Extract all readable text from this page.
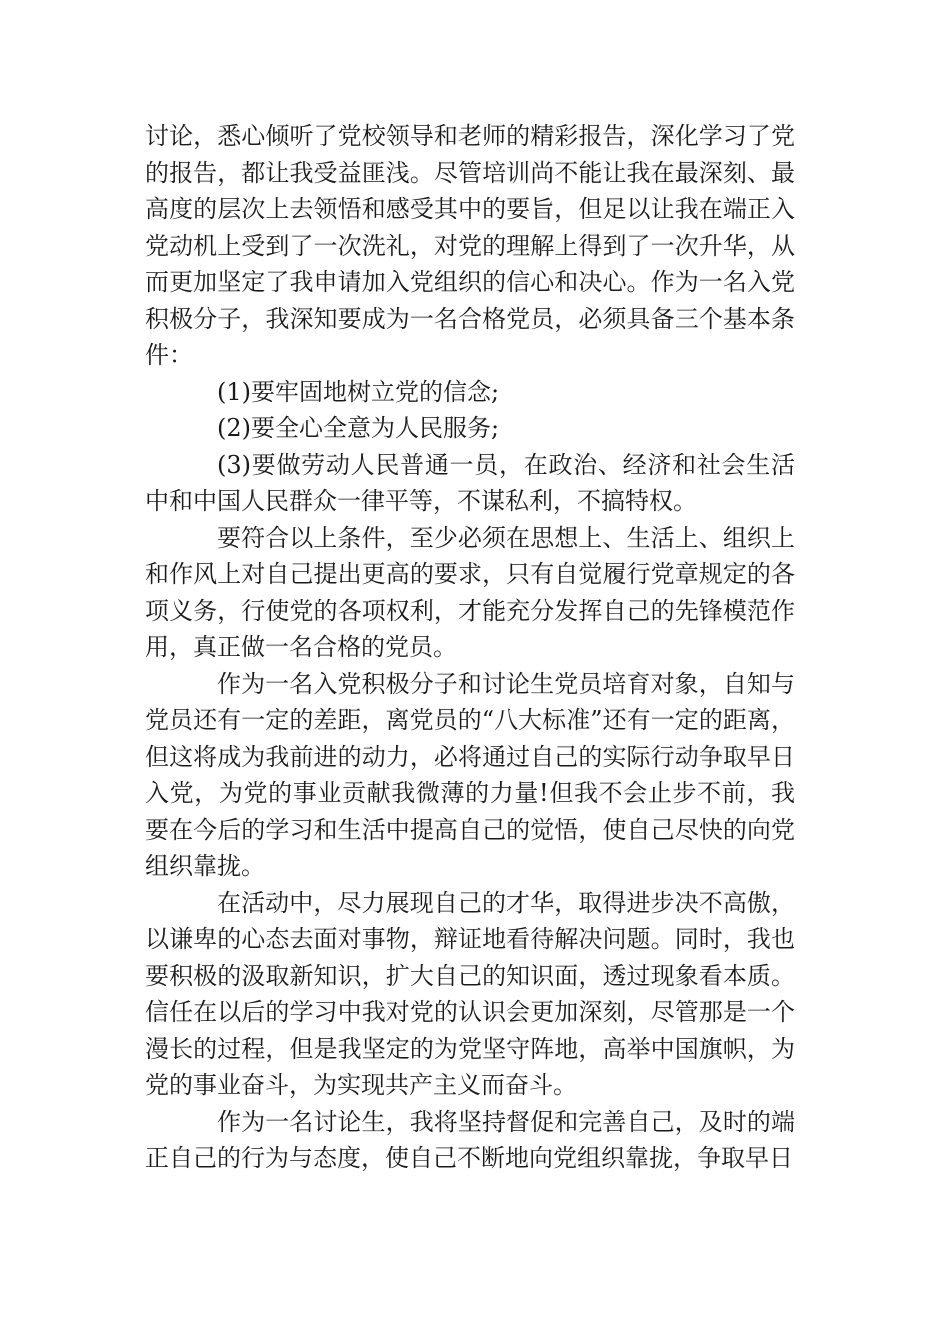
讨论，悉心倾听了党校领导和老师的精彩报告，深化学习了党的报告，都让我受益匪浅。尽管培训尚不能让我在最深刻、最高度的层次上去领悟和感受其中的要旨，但足以让我在端正入党动机上受到了一次洗礼，对党的理解上得到了一次升华，从而更加坚定了我申请加入党组织的信心和决心。作为一名入党积极分子，我深知要成为一名合格党员，必须具备三个基本条件：

(1)要牢固地树立党的信念;

(2)要全心全意为人民服务;

(3)要做劳动人民普通一员，在政治、经济和社会生活中和中国人民群众一律平等，不谋私利，不搞特权。

要符合以上条件，至少必须在思想上、生活上、组织上和作风上对自己提出更高的要求，只有自觉履行党章规定的各项义务，行使党的各项权利，才能充分发挥自己的先锋模范作用，真正做一名合格的党员。

作为一名入党积极分子和讨论生党员培育对象，自知与党员还有一定的差距，离党员的“八大标准”还有一定的距离，但这将成为我前进的动力，必将通过自己的实际行动争取早日入党，为党的事业贡献我微薄的力量!但我不会止步不前，我要在今后的学习和生活中提高自己的觉悟，使自己尽快的向党组织靠拢。

在活动中，尽力展现自己的才华，取得进步决不高傲，以谦卑的心态去面对事物，辩证地看待解决问题。同时，我也要积极的汲取新知识，扩大自己的知识面，透过现象看本质。信任在以后的学习中我对党的认识会更加深刻，尽管那是一个漫长的过程，但是我坚定的为党坚守阵地，高举中国旗帜，为党的事业奋斗，为实现共产主义而奋斗。

作为一名讨论生，我将坚持督促和完善自己，及时的端正自己的行为与态度，使自己不断地向党组织靠拢，争取早日
